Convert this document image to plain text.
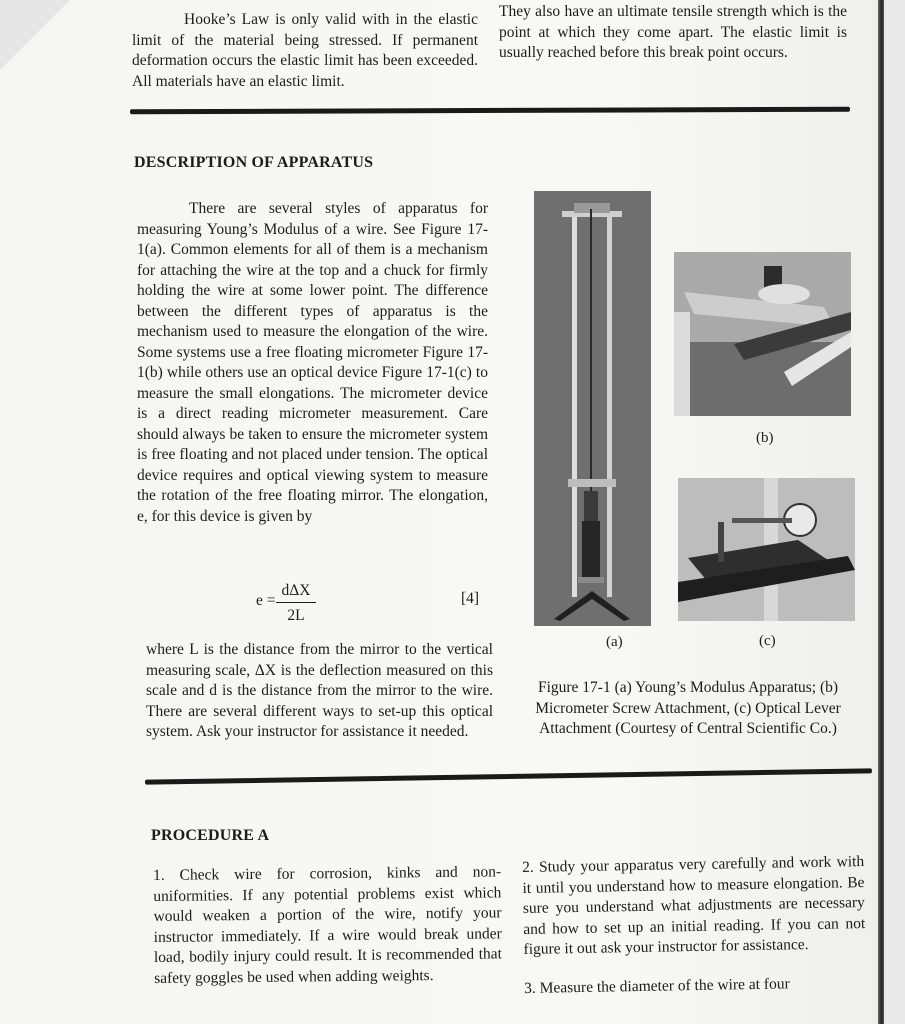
Hooke’s Law is only valid with in the elastic limit of the material being stressed. If permanent deformation occurs the elastic limit has been exceeded. All materials have an elastic limit.
They also have an ultimate tensile strength which is the point at which they come apart. The elastic limit is usually reached before this break point occurs.
DESCRIPTION OF APPARATUS
There are several styles of apparatus for measuring Young’s Modulus of a wire. See Figure 17-1(a). Common elements for all of them is a mechanism for attaching the wire at the top and a chuck for firmly holding the wire at some lower point. The difference between the different types of apparatus is the mechanism used to measure the elongation of the wire. Some systems use a free floating micrometer Figure 17-1(b) while others use an optical device Figure 17-1(c) to measure the small elongations. The micrometer device is a direct reading micrometer measurement. Care should always be taken to ensure the micrometer system is free floating and not placed under tension. The optical device requires and optical viewing system to measure the rotation of the free floating mirror. The elongation, e, for this device is given by
e =
dΔX
2L
[4]
where L is the distance from the mirror to the vertical measuring scale, ΔX is the deflection measured on this scale and d is the distance from the mirror to the wire. There are several different ways to set-up this optical system. Ask your instructor for assistance it needed.
(b)
(a)	(c)
Figure 17-1 (a) Young’s Modulus Apparatus; (b) Micrometer Screw Attachment, (c) Optical Lever Attachment (Courtesy of Central Scientific Co.)
PROCEDURE A
1. Check wire for corrosion, kinks and non-uniformities. If any potential problems exist which would weaken a portion of the wire, notify your instructor immediately. If a wire would break under load, bodily injury could result. It is recommended that safety goggles be used when adding weights.
2. Study your apparatus very carefully and work with it until you understand how to measure elongation. Be sure you understand what adjustments are necessary and how to set up an initial reading. If you can not figure it out ask your instructor for assistance.
3. Measure the diameter of the wire at four
